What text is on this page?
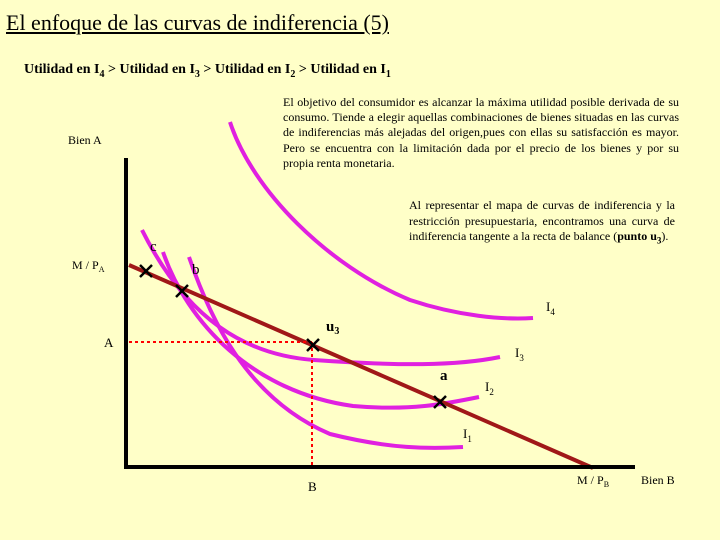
El enfoque de las curvas de indiferencia (5)
Utilidad en $I_4$ > Utilidad en $I_3$ > Utilidad en $I_2$ > Utilidad en $I_1$
El objetivo del consumidor es alcanzar la máxima utilidad posible derivada de su consumo. Tiende a elegir aquellas combinaciones de bienes situadas en las curvas de indiferencias más alejadas del origen,pues con ellas su satisfacción es mayor. Pero se encuentra con la limitación dada por el precio de los bienes y por su propia renta monetaria.
Al representar el mapa de curvas de indiferencia y la restricción presupuestaria, encontramos una curva de indiferencia tangente a la recta de balance (punto $u_3$).
Bien A
Bien B
M / $P_A$
M / $P_B$
A
B
c
b
$u_3$
a
$I_4$
$I_3$
$I_2$
$I_1$
